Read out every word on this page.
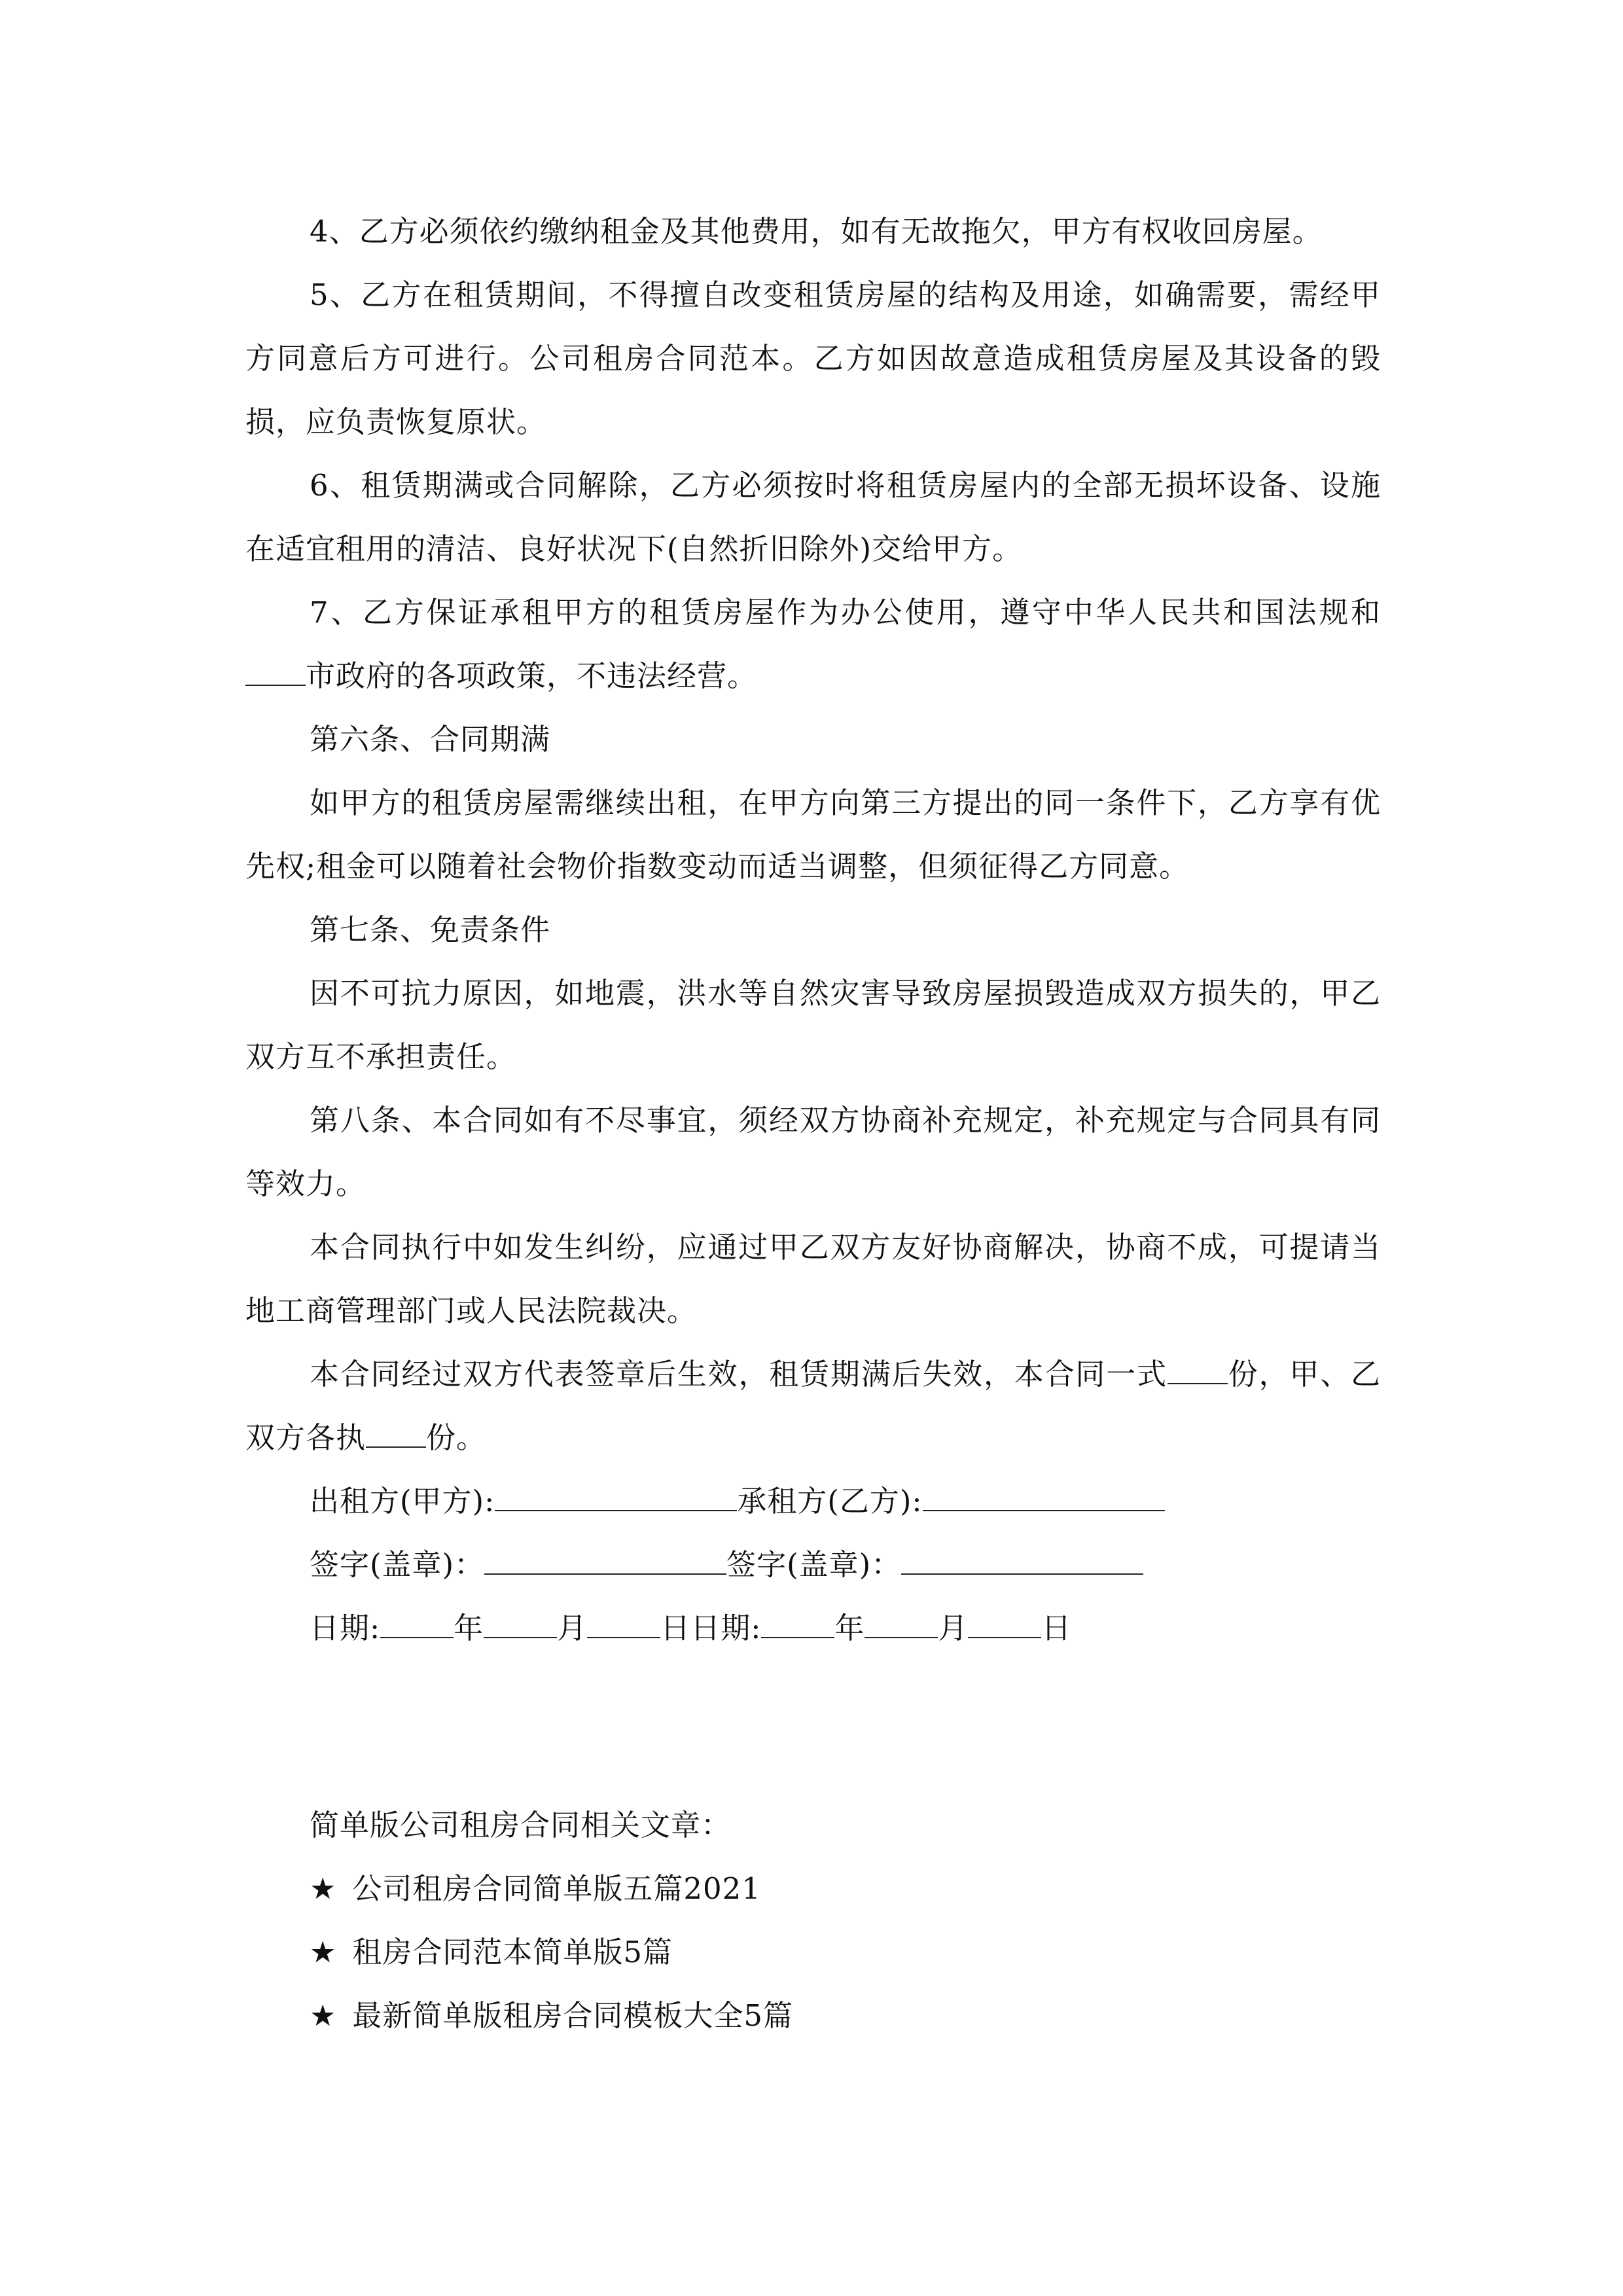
4、乙方必须依约缴纳租金及其他费用，如有无故拖欠，甲方有权收回房屋。

5、乙方在租赁期间，不得擅自改变租赁房屋的结构及用途，如确需要，需经甲方同意后方可进行。公司租房合同范本。乙方如因故意造成租赁房屋及其设备的毁损，应负责恢复原状。

6、租赁期满或合同解除，乙方必须按时将租赁房屋内的全部无损坏设备、设施在适宜租用的清洁、良好状况下(自然折旧除外)交给甲方。

7、乙方保证承租甲方的租赁房屋作为办公使用，遵守中华人民共和国法规和市政府的各项政策，不违法经营。

第六条、合同期满

如甲方的租赁房屋需继续出租，在甲方向第三方提出的同一条件下，乙方享有优先权;租金可以随着社会物价指数变动而适当调整，但须征得乙方同意。

第七条、免责条件

因不可抗力原因，如地震，洪水等自然灾害导致房屋损毁造成双方损失的，甲乙双方互不承担责任。

第八条、本合同如有不尽事宜，须经双方协商补充规定，补充规定与合同具有同等效力。

本合同执行中如发生纠纷，应通过甲乙双方友好协商解决，协商不成，可提请当地工商管理部门或人民法院裁决。

本合同经过双方代表签章后生效，租赁期满后失效，本合同一式 份，甲、乙双方各执 份。

出租方(甲方):	承租方(乙方):

签字(盖章)：	签字(盖章)：

日期: 年 月 日日期: 年 月 日

简单版公司租房合同相关文章：

★ 公司租房合同简单版五篇2021

★ 租房合同范本简单版5篇

★ 最新简单版租房合同模板大全5篇
